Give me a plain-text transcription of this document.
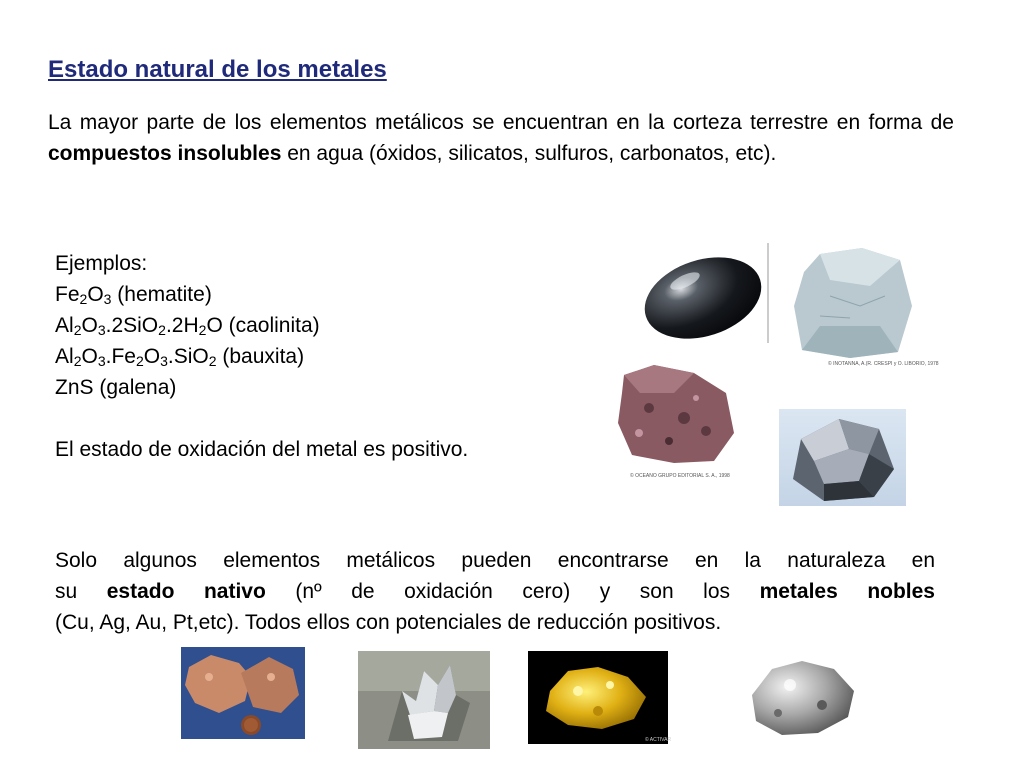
Estado natural de los metales

La mayor parte de los elementos metálicos se encuentran en la corteza terrestre en forma de compuestos insolubles en agua (óxidos, silicatos, sulfuros, carbonatos, etc).

Ejemplos:
$Fe_2O_3$ (hematite)
$Al_2O_3.2SiO_2.2H_2O$ (caolinita)
$Al_2O_3.Fe_2O_3.SiO_2$ (bauxita)
ZnS (galena)
El estado de oxidación del metal es positivo.
© INOTANNA, A.(R. CRESPI y O. LIBORIO, 1978
© OCEANO GRUPO EDITORIAL S. A., 1998

Solo algunos elementos metálicos pueden encontrarse en la naturaleza en
su estado nativo (nº de oxidación cero) y son los metales nobles
(Cu, Ag, Au, Pt,etc). Todos ellos con potenciales de reducción positivos.

© ACTIVAR
